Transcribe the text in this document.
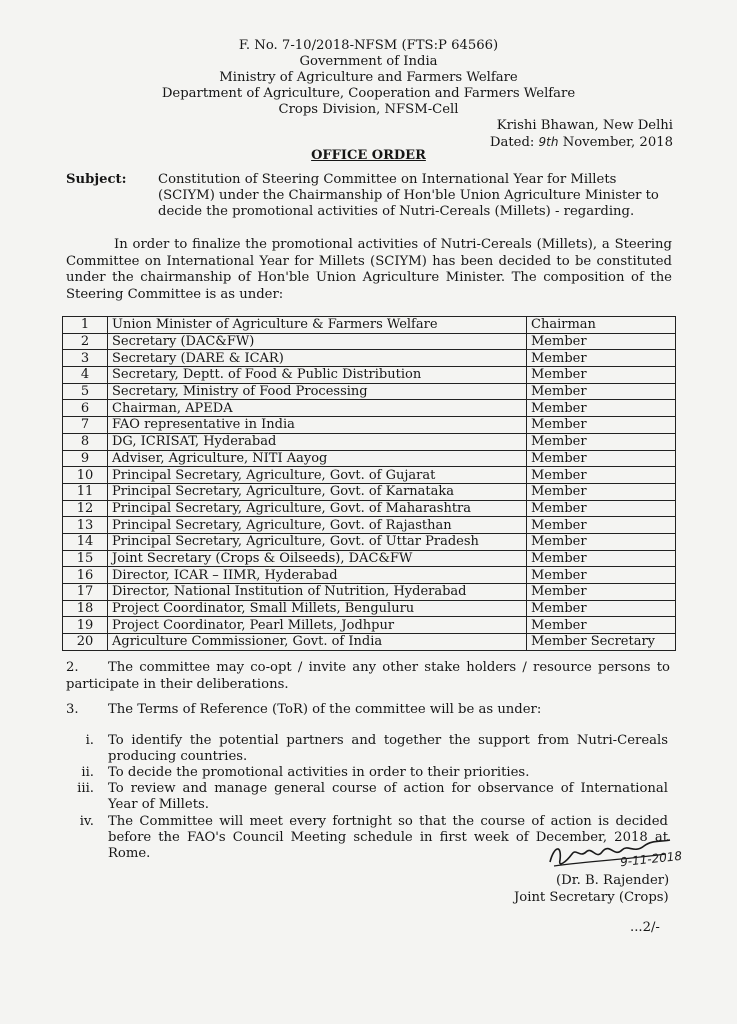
F. No. 7-10/2018-NFSM (FTS:P 64566)
Government of India
Ministry of Agriculture and Farmers Welfare
Department of Agriculture, Cooperation and Farmers Welfare
Crops Division, NFSM-Cell
Krishi Bhawan, New Delhi
Dated: 9th November, 2018
OFFICE ORDER
Subject: Constitution of Steering Committee on International Year for Millets (SCIYM) under the Chairmanship of Hon'ble Union Agriculture Minister to decide the promotional activities of Nutri-Cereals (Millets) - regarding.
In order to finalize the promotional activities of Nutri-Cereals (Millets), a Steering Committee on International Year for Millets (SCIYM) has been decided to be constituted under the chairmanship of Hon'ble Union Agriculture Minister. The composition of the Steering Committee is as under:
1	Union Minister of Agriculture & Farmers Welfare	Chairman
2	Secretary (DAC&FW)	Member
3	Secretary (DARE & ICAR)	Member
4	Secretary, Deptt. of Food & Public Distribution	Member
5	Secretary, Ministry of Food Processing	Member
6	Chairman, APEDA	Member
7	FAO representative in India	Member
8	DG, ICRISAT, Hyderabad	Member
9	Adviser, Agriculture, NITI Aayog	Member
10	Principal Secretary, Agriculture, Govt. of Gujarat	Member
11	Principal Secretary, Agriculture, Govt. of Karnataka	Member
12	Principal Secretary, Agriculture, Govt. of Maharashtra	Member
13	Principal Secretary, Agriculture, Govt. of Rajasthan	Member
14	Principal Secretary, Agriculture, Govt. of Uttar Pradesh	Member
15	Joint Secretary (Crops & Oilseeds), DAC&FW	Member
16	Director, ICAR – IIMR, Hyderabad	Member
17	Director, National Institution of Nutrition, Hyderabad	Member
18	Project Coordinator, Small Millets, Benguluru	Member
19	Project Coordinator, Pearl Millets, Jodhpur	Member
20	Agriculture Commissioner, Govt. of India	Member Secretary
2.	The committee may co-opt / invite any other stake holders / resource persons to participate in their deliberations.
3. The Terms of Reference (ToR) of the committee will be as under:
i. To identify the potential partners and together the support from Nutri-Cereals producing countries.
ii. To decide the promotional activities in order to their priorities.
iii. To review and manage general course of action for observance of International Year of Millets.
iv. The Committee will meet every fortnight so that the course of action is decided before the FAO's Council Meeting schedule in first week of December, 2018 at Rome.	9-11-2018
(Dr. B. Rajender)
Joint Secretary (Crops)
...2/-
